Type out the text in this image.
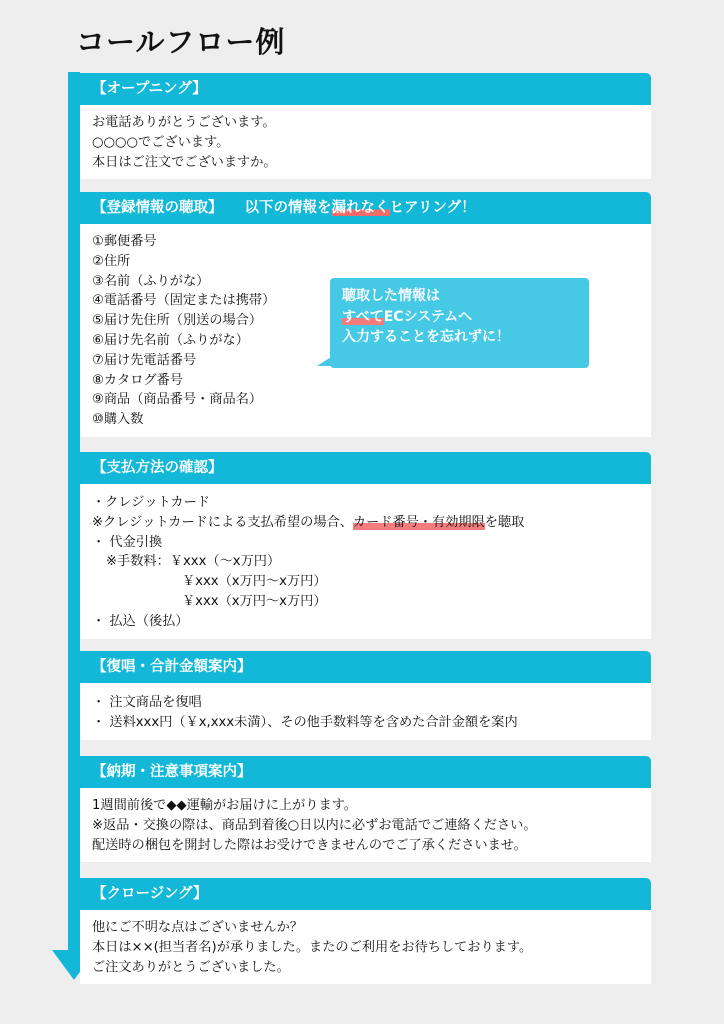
コールフロー例
【オープニング】
お電話ありがとうございます。
○○○○でございます。
本日はご注文でございますか。
【登録情報の聴取】 以下の情報を漏れなくヒアリング！
①郵便番号
②住所
③名前（ふりがな）
④電話番号（固定または携帯）
⑤届け先住所（別送の場合）
⑥届け先名前（ふりがな）
⑦届け先電話番号
⑧カタログ番号
⑨商品（商品番号・商品名）
⑩購入数
聴取した情報は
すべてECシステムへ
入力することを忘れずに！
【支払方法の確認】
・クレジットカード
※クレジットカードによる支払希望の場合、カード番号・有効期限を聴取
・ 代金引換
※手数料：￥xxx（～x万円）
￥xxx（x万円～x万円）
￥xxx（x万円～x万円）
・ 払込（後払）
【復唱・合計金額案内】
・ 注文商品を復唱
・ 送料xxx円（￥x,xxx未満）、その他手数料等を含めた合計金額を案内
【納期・注意事項案内】
1週間前後で◆◆運輸がお届けに上がります。
※返品・交換の際は、商品到着後○日以内に必ずお電話でご連絡ください。
配送時の梱包を開封した際はお受けできませんのでご了承くださいませ。
【クロージング】
他にご不明な点はございませんか？
本日は××(担当者名)が承りました。またのご利用をお待ちしております。
ご注文ありがとうございました。
